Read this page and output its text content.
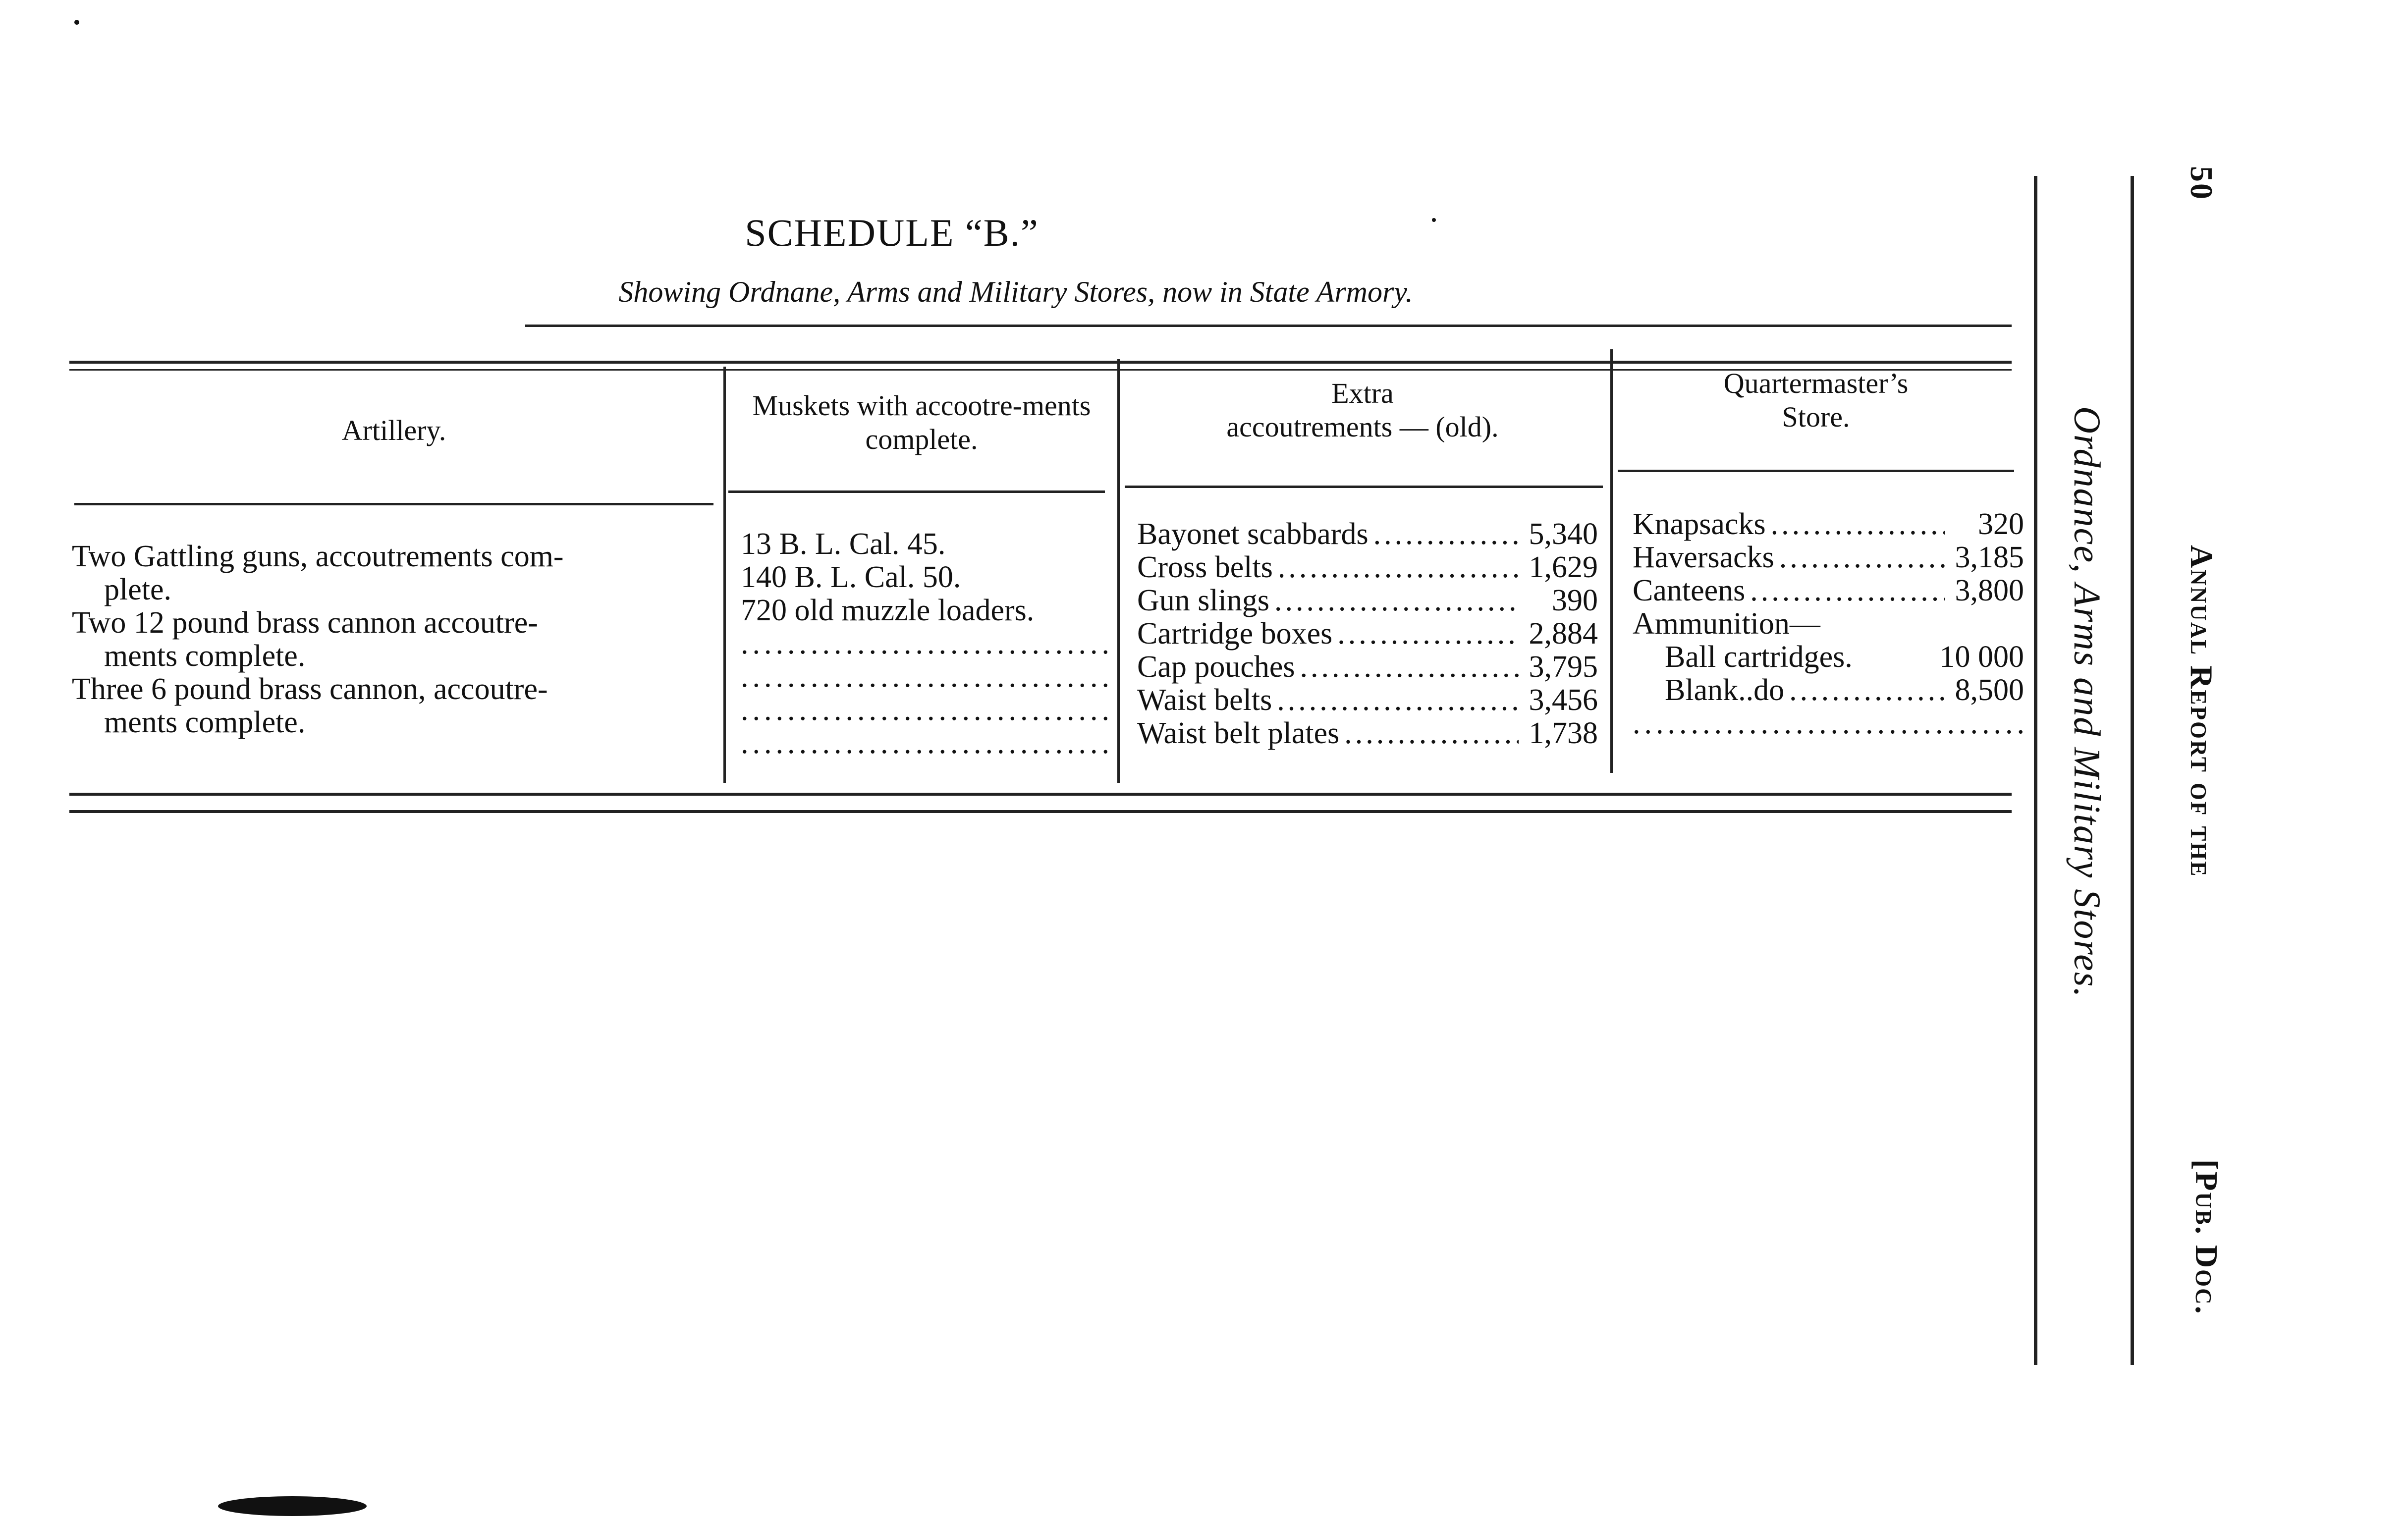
SCHEDULE “B.”
Showing Ordnane, Arms and Military Stores, now in State Armory.
Artillery.
Muskets with accootre-ments complete.
Extra
accoutrements — (old).
Quartermaster’s
Store.
Two Gattling guns, accoutrements com-
plete.
Two 12 pound brass cannon accoutre-
ments complete.
Three 6 pound brass cannon, accoutre-
ments complete.
13 B. L. Cal. 45.
140 B. L. Cal. 50.
720 old muzzle loaders.
.....
.....
.....
.....
Bayonet scabbards .....	5,340
Cross belts .....	1,629
Gun slings .....	390
Cartridge boxes .....	2,884
Cap pouches .....	3,795
Waist belts .....	3,456
Waist belt plates .....	1,738
Knapsacks .....	320
Haversacks .....	3,185
Canteens .....	3,800
Ammunition—
Ball cartridges.	10 000
Blank..do .....	8,500 ..... Ordnance, Arms and Military Stores.
50
Annual Report of the
[Pub. Doc.
